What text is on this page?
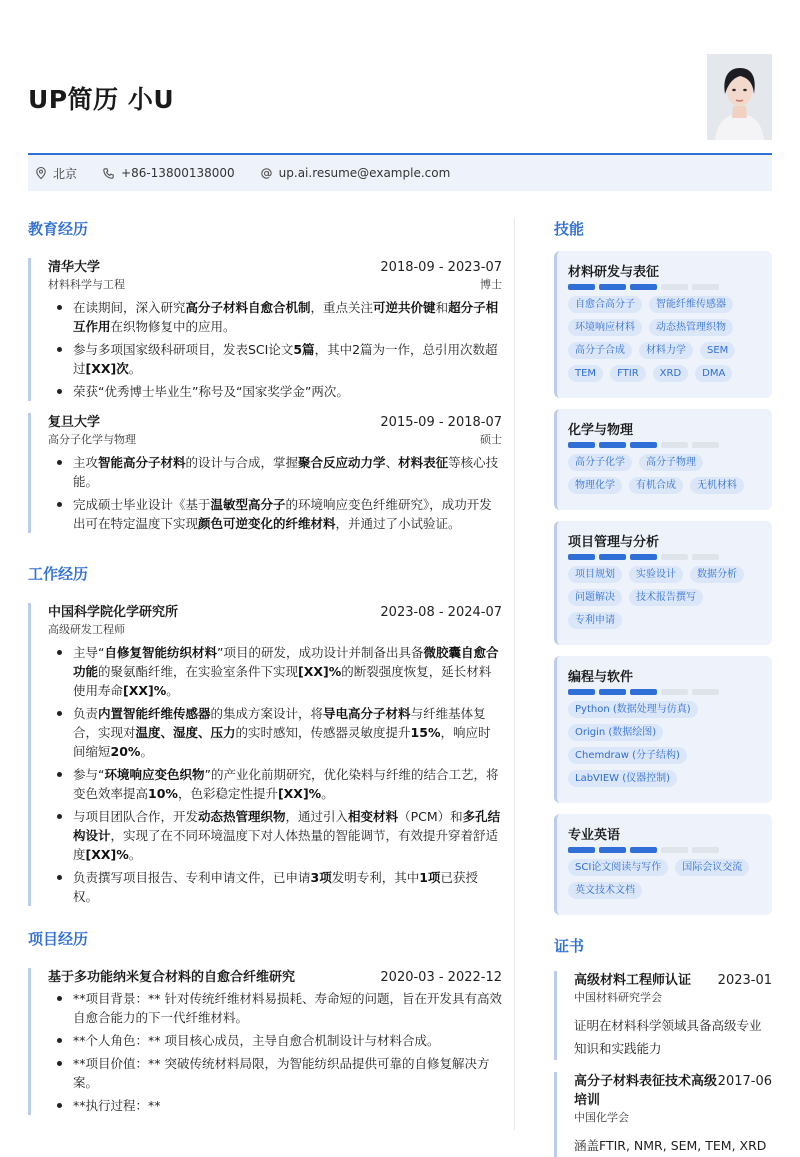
UP简历 小U
北京	+86-13800138000	up.ai.resume@example.com
教育经历
清华大学	2018-09 - 2023-07
材料科学与工程	博士
在读期间，深入研究高分子材料自愈合机制，重点关注可逆共价键和超分子相互作用在织物修复中的应用。
参与多项国家级科研项目，发表SCI论文5篇，其中2篇为一作，总引用次数超过[XX]次。
荣获“优秀博士毕业生”称号及“国家奖学金”两次。
复旦大学	2015-09 - 2018-07
高分子化学与物理	硕士
主攻智能高分子材料的设计与合成，掌握聚合反应动力学、材料表征等核心技能。
完成硕士毕业设计《基于温敏型高分子的环境响应变色纤维研究》，成功开发出可在特定温度下实现颜色可逆变化的纤维材料，并通过了小试验证。
工作经历
中国科学院化学研究所	2023-08 - 2024-07
高级研发工程师
主导“自修复智能纺织材料”项目的研发，成功设计并制备出具备微胶囊自愈合功能的聚氨酯纤维，在实验室条件下实现[XX]%的断裂强度恢复，延长材料使用寿命[XX]%。
负责内置智能纤维传感器的集成方案设计，将导电高分子材料与纤维基体复合，实现对温度、湿度、压力的实时感知，传感器灵敏度提升15%，响应时间缩短20%。
参与“环境响应变色织物”的产业化前期研究，优化染料与纤维的结合工艺，将变色效率提高10%，色彩稳定性提升[XX]%。
与项目团队合作，开发动态热管理织物，通过引入相变材料（PCM）和多孔结构设计，实现了在不同环境温度下对人体热量的智能调节，有效提升穿着舒适度[XX]%。
负责撰写项目报告、专利申请文件，已申请3项发明专利，其中1项已获授权。
项目经历
基于多功能纳米复合材料的自愈合纤维研究	2020-03 - 2022-12
**项目背景：** 针对传统纤维材料易损耗、寿命短的问题，旨在开发具有高效自愈合能力的下一代纤维材料。
**个人角色：** 项目核心成员，主导自愈合机制设计与材料合成。
**项目价值：** 突破传统材料局限，为智能纺织品提供可靠的自修复解决方案。
**执行过程：**
技能
材料研发与表征
自愈合高分子	智能纤维传感器
环境响应材料	动态热管理织物
高分子合成	材料力学	SEM
TEM	FTIR	XRD	DMA
化学与物理
高分子化学	高分子物理
物理化学	有机合成	无机材料
项目管理与分析
项目规划	实验设计	数据分析
问题解决	技术报告撰写
专利申请
编程与软件
Python (数据处理与仿真)
Origin (数据绘图)
Chemdraw (分子结构)
LabVIEW (仪器控制)
专业英语
SCI论文阅读与写作	国际会议交流
英文技术文档
证书
高级材料工程师认证 2023-01
中国材料研究学会
证明在材料科学领域具备高级专业知识和实践能力
高分子材料表征技术高级培训
2017-06
中国化学会
涵盖FTIR, NMR, SEM, TEM, XRD
